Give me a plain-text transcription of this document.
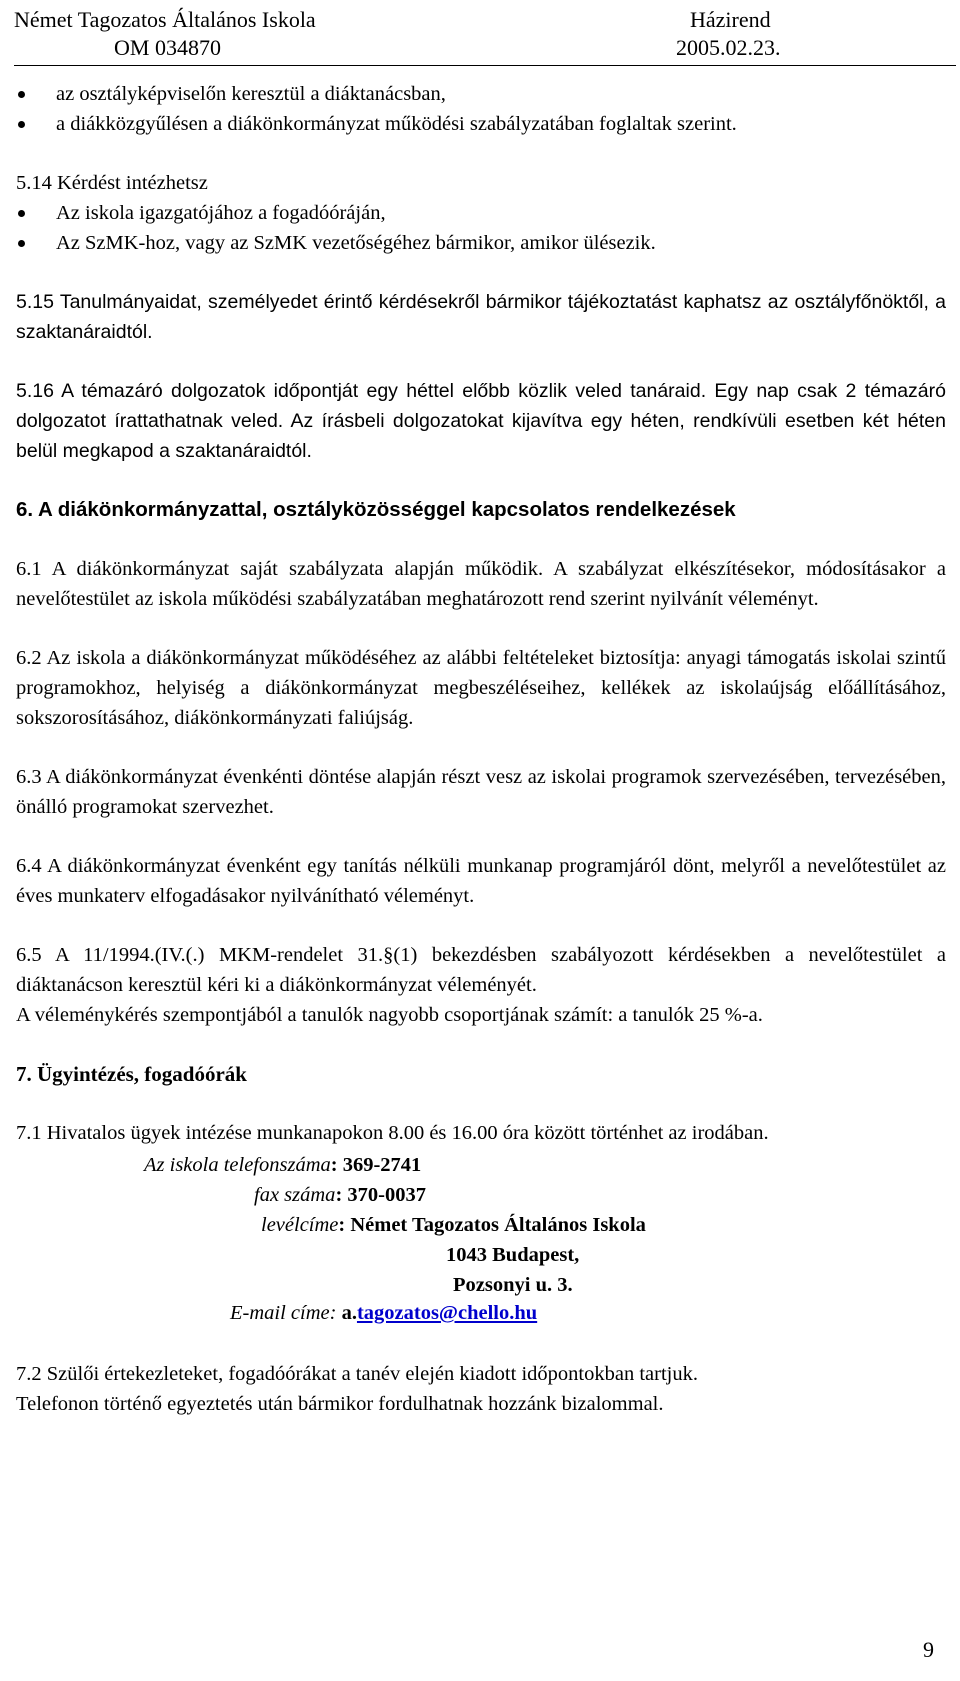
Német Tagozatos Általános Iskola
OM 034870
Házirend
2005.02.23.
az osztályképviselőn keresztül a diáktanácsban,
a diákközgyűlésen a diákönkormányzat működési szabályzatában foglaltak szerint.

5.14 Kérdést intézhetsz

Az iskola igazgatójához a fogadóóráján,
Az SzMK-hoz, vagy az SzMK vezetőségéhez bármikor, amikor ülésezik.

5.15 Tanulmányaidat, személyedet érintő kérdésekről bármikor tájékoztatást kaphatsz az osztályfőnöktől, a szaktanáraidtól.

5.16 A témazáró dolgozatok időpontját egy héttel előbb közlik veled tanáraid. Egy nap csak 2 témazáró dolgozatot írattathatnak veled. Az írásbeli dolgozatokat kijavítva egy héten, rendkívüli esetben két héten belül megkapod a szaktanáraidtól.

6. A diákönkormányzattal, osztályközösséggel kapcsolatos rendelkezések

6.1 A diákönkormányzat saját szabályzata alapján működik. A szabályzat elkészítésekor, módosításakor a nevelőtestület az iskola működési szabályzatában meghatározott rend szerint nyilvánít véleményt.

6.2 Az iskola a diákönkormányzat működéséhez az alábbi feltételeket biztosítja: anyagi támogatás iskolai szintű programokhoz, helyiség a diákönkormányzat megbeszéléseihez, kellékek az iskolaújság előállításához, sokszorosításához, diákönkormányzati faliújság.

6.3 A diákönkormányzat évenkénti döntése alapján részt vesz az iskolai programok szervezésében, tervezésében, önálló programokat szervezhet.

6.4 A diákönkormányzat évenként egy tanítás nélküli munkanap programjáról dönt, melyről a nevelőtestület az éves munkaterv elfogadásakor nyilvánítható véleményt.

6.5 A 11/1994.(IV.(.) MKM-rendelet 31.§(1) bekezdésben szabályozott kérdésekben a nevelőtestület a diáktanácson keresztül kéri ki a diákönkormányzat véleményét.

A véleménykérés szempontjából a tanulók nagyobb csoportjának számít: a tanulók 25 %-a.

7. Ügyintézés, fogadóórák

7.1 Hivatalos ügyek intézése munkanapokon 8.00 és 16.00 óra között történhet az irodában.

Az iskola telefonszáma: 369-2741
fax száma: 370-0037
levélcíme: Német Tagozatos Általános Iskola
1043 Budapest,
Pozsonyi u. 3.
E-mail címe: a.tagozatos@chello.hu

7.2 Szülői értekezleteket, fogadóórákat a tanév elején kiadott időpontokban tartjuk.

Telefonon történő egyeztetés után bármikor fordulhatnak hozzánk bizalommal.

9
